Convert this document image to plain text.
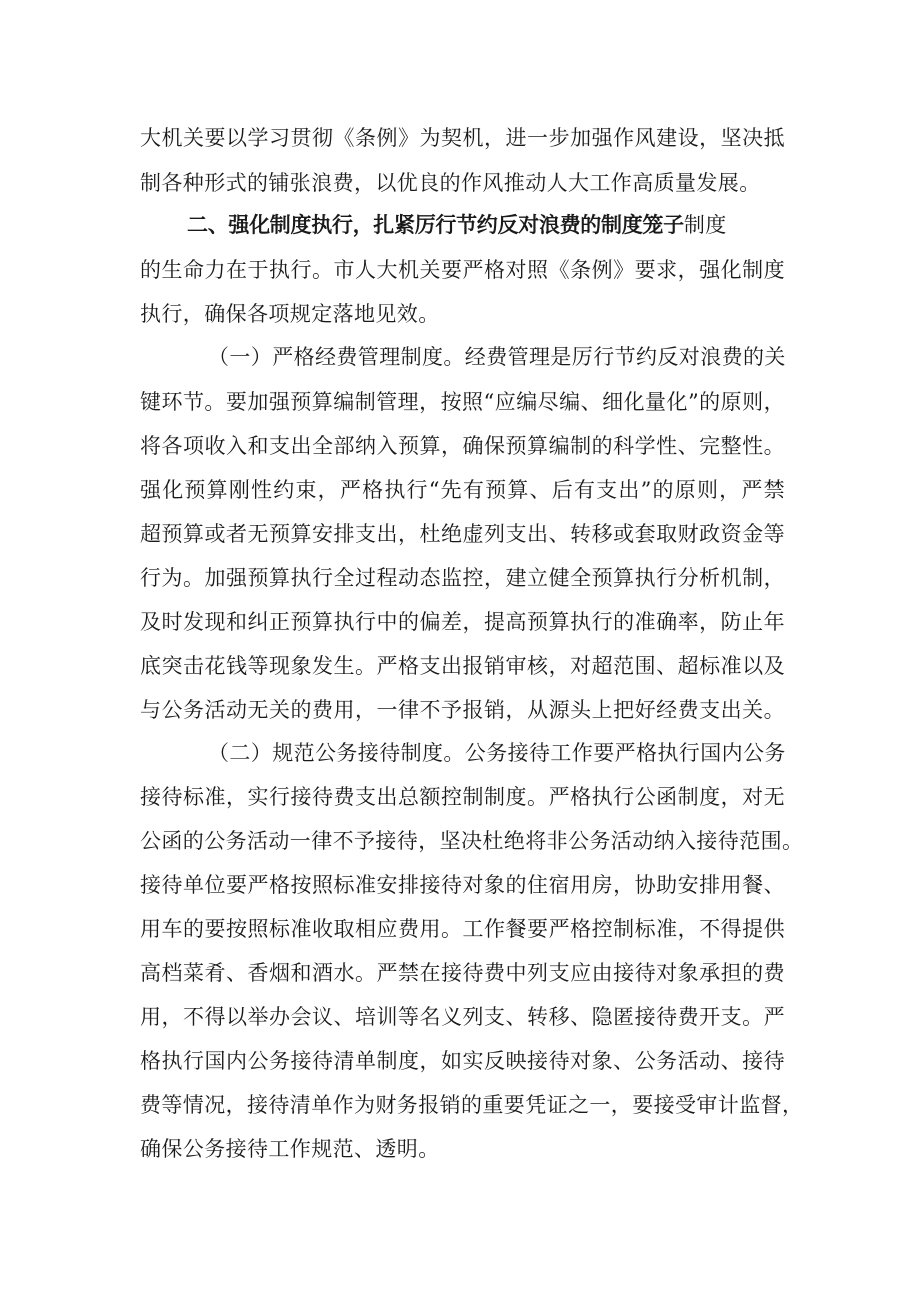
大机关要以学习贯彻《条例》为契机，进一步加强作风建设，坚决抵
制各种形式的铺张浪费，以优良的作风推动人大工作高质量发展。
二、强化制度执行，扎紧厉行节约反对浪费的制度笼子制度
的生命力在于执行。市人大机关要严格对照《条例》要求，强化制度
执行，确保各项规定落地见效。
（一）严格经费管理制度。经费管理是厉行节约反对浪费的关
键环节。要加强预算编制管理，按照“应编尽编、细化量化”的原则，
将各项收入和支出全部纳入预算，确保预算编制的科学性、完整性。
强化预算刚性约束，严格执行“先有预算、后有支出”的原则，严禁
超预算或者无预算安排支出，杜绝虚列支出、转移或套取财政资金等
行为。加强预算执行全过程动态监控，建立健全预算执行分析机制，
及时发现和纠正预算执行中的偏差，提高预算执行的准确率，防止年
底突击花钱等现象发生。严格支出报销审核，对超范围、超标准以及
与公务活动无关的费用，一律不予报销，从源头上把好经费支出关。
（二）规范公务接待制度。公务接待工作要严格执行国内公务
接待标准，实行接待费支出总额控制制度。严格执行公函制度，对无
公函的公务活动一律不予接待，坚决杜绝将非公务活动纳入接待范围。
接待单位要严格按照标准安排接待对象的住宿用房，协助安排用餐、
用车的要按照标准收取相应费用。工作餐要严格控制标准，不得提供
高档菜肴、香烟和酒水。严禁在接待费中列支应由接待对象承担的费
用，不得以举办会议、培训等名义列支、转移、隐匿接待费开支。严
格执行国内公务接待清单制度，如实反映接待对象、公务活动、接待
费等情况，接待清单作为财务报销的重要凭证之一，要接受审计监督，
确保公务接待工作规范、透明。
